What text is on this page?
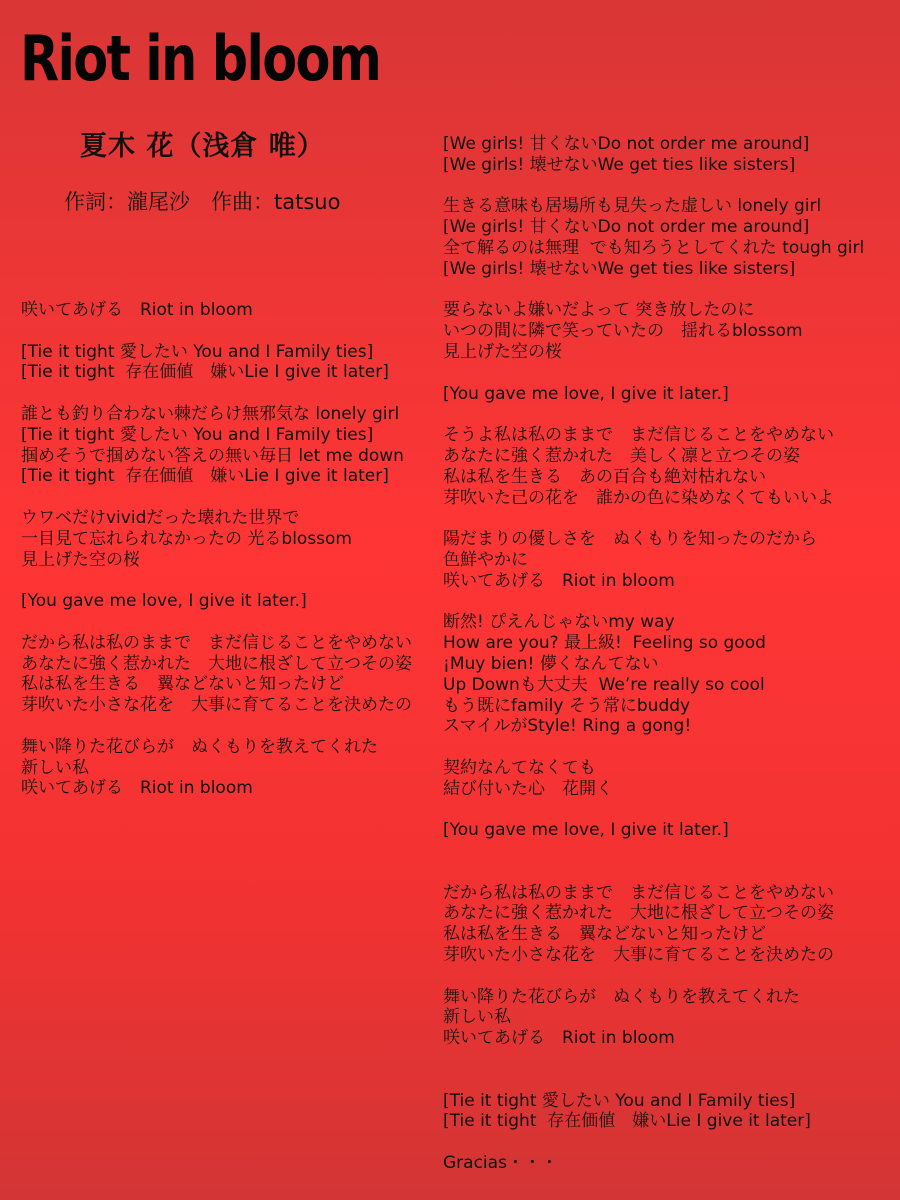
Riot in bloom
夏木 花（浅倉 唯）
作詞：瀧尾沙　作曲：tatsuo
咲いてあげる　Riot in bloom
[Tie it tight 愛したい You and I Family ties]
[Tie it tight  存在価値　嫌いLie I give it later]
誰とも釣り合わない棘だらけ無邪気な lonely girl
[Tie it tight 愛したい You and I Family ties]
掴めそうで掴めない答えの無い毎日 let me down
[Tie it tight  存在価値　嫌いLie I give it later]
ウワベだけvividだった壊れた世界で
一目見て忘れられなかったの 光るblossom
見上げた空の桜
[You gave me love, I give it later.]
だから私は私のままで　まだ信じることをやめない
あなたに強く惹かれた　大地に根ざして立つその姿
私は私を生きる　翼などないと知ったけど
芽吹いた小さな花を　大事に育てることを決めたの
舞い降りた花びらが　ぬくもりを教えてくれた
新しい私
咲いてあげる　Riot in bloom
[We girls! 甘くないDo not order me around]
[We girls! 壊せないWe get ties like sisters]
生きる意味も居場所も見失った虚しい lonely girl
[We girls! 甘くないDo not order me around]
全て解るのは無理  でも知ろうとしてくれた tough girl
[We girls! 壊せないWe get ties like sisters]
要らないよ嫌いだよって 突き放したのに
いつの間に隣で笑っていたの　揺れるblossom
見上げた空の桜
[You gave me love, I give it later.]
そうよ私は私のままで　まだ信じることをやめない
あなたに強く惹かれた　美しく凛と立つその姿
私は私を生きる　あの百合も絶対枯れない
芽吹いた己の花を　誰かの色に染めなくてもいいよ
陽だまりの優しさを　ぬくもりを知ったのだから
色鮮やかに
咲いてあげる　Riot in bloom
断然! ぴえんじゃないmy way
How are you? 最上級!  Feeling so good
¡Muy bien! 儚くなんてない
Up Downも大丈夫  We’re really so cool
もう既にfamily そう常にbuddy
スマイルがStyle! Ring a gong!
契約なんてなくても
結び付いた心　花開く
[You gave me love, I give it later.]
だから私は私のままで　まだ信じることをやめない
あなたに強く惹かれた　大地に根ざして立つその姿
私は私を生きる　翼などないと知ったけど
芽吹いた小さな花を　大事に育てることを決めたの
舞い降りた花びらが　ぬくもりを教えてくれた
新しい私
咲いてあげる　Riot in bloom
[Tie it tight 愛したい You and I Family ties]
[Tie it tight  存在価値　嫌いLie I give it later]
Gracias・・・
